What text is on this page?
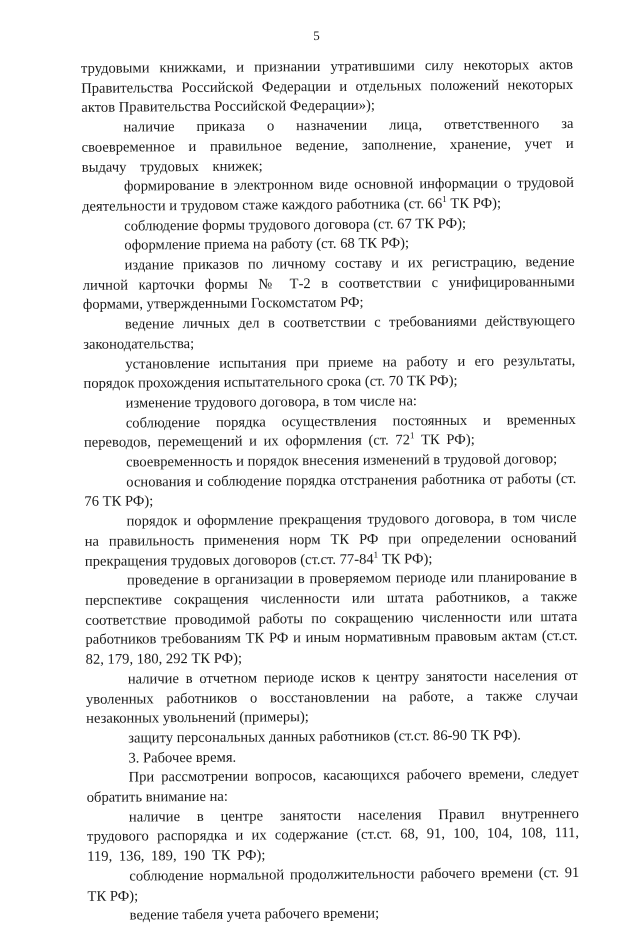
5

трудовыми книжками, и признании утратившими силу некоторых актов Правительства Российской Федерации и отдельных положений некоторых актов Правительства Российской Федерации»);

наличие приказа о назначении лица, ответственного за своевременное и правильное ведение, заполнение, хранение, учет и выдачу трудовых книжек;

формирование в электронном виде основной информации о трудовой деятельности и трудовом стаже каждого работника (ст. $66^1$ ТК РФ);

соблюдение формы трудового договора (ст. 67 ТК РФ);

оформление приема на работу (ст. 68 ТК РФ);

издание приказов по личному составу и их регистрацию, ведение личной карточки формы № Т-2 в соответствии с унифицированными формами, утвержденными Госкомстатом РФ;

ведение личных дел в соответствии с требованиями действующего законодательства;

установление испытания при приеме на работу и его результаты, порядок прохождения испытательного срока (ст. 70 ТК РФ);

изменение трудового договора, в том числе на:

соблюдение порядка осуществления постоянных и временных переводов, перемещений и их оформления (ст. $72^1$ ТК РФ);

своевременность и порядок внесения изменений в трудовой договор;

основания и соблюдение порядка отстранения работника от работы (ст. 76 ТК РФ);

порядок и оформление прекращения трудового договора, в том числе на правильность применения норм ТК РФ при определении оснований прекращения трудовых договоров (ст.ст. $77-84^1$ ТК РФ);

проведение в организации в проверяемом периоде или планирование в перспективе сокращения численности или штата работников, а также соответствие проводимой работы по сокращению численности или штата работников требованиям ТК РФ и иным нормативным правовым актам (ст.ст. 82, 179, 180, 292 ТК РФ);

наличие в отчетном периоде исков к центру занятости населения от уволенных работников о восстановлении на работе, а также случаи незаконных увольнений (примеры);

защиту персональных данных работников (ст.ст. 86-90 ТК РФ).

3. Рабочее время.

При рассмотрении вопросов, касающихся рабочего времени, следует обратить внимание на:

наличие в центре занятости населения Правил внутреннего трудового распорядка и их содержание (ст.ст. 68, 91, 100, 104, 108, 111, 119, 136, 189, 190 ТК РФ);

соблюдение нормальной продолжительности рабочего времени (ст. 91 ТК РФ);

ведение табеля учета рабочего времени;
